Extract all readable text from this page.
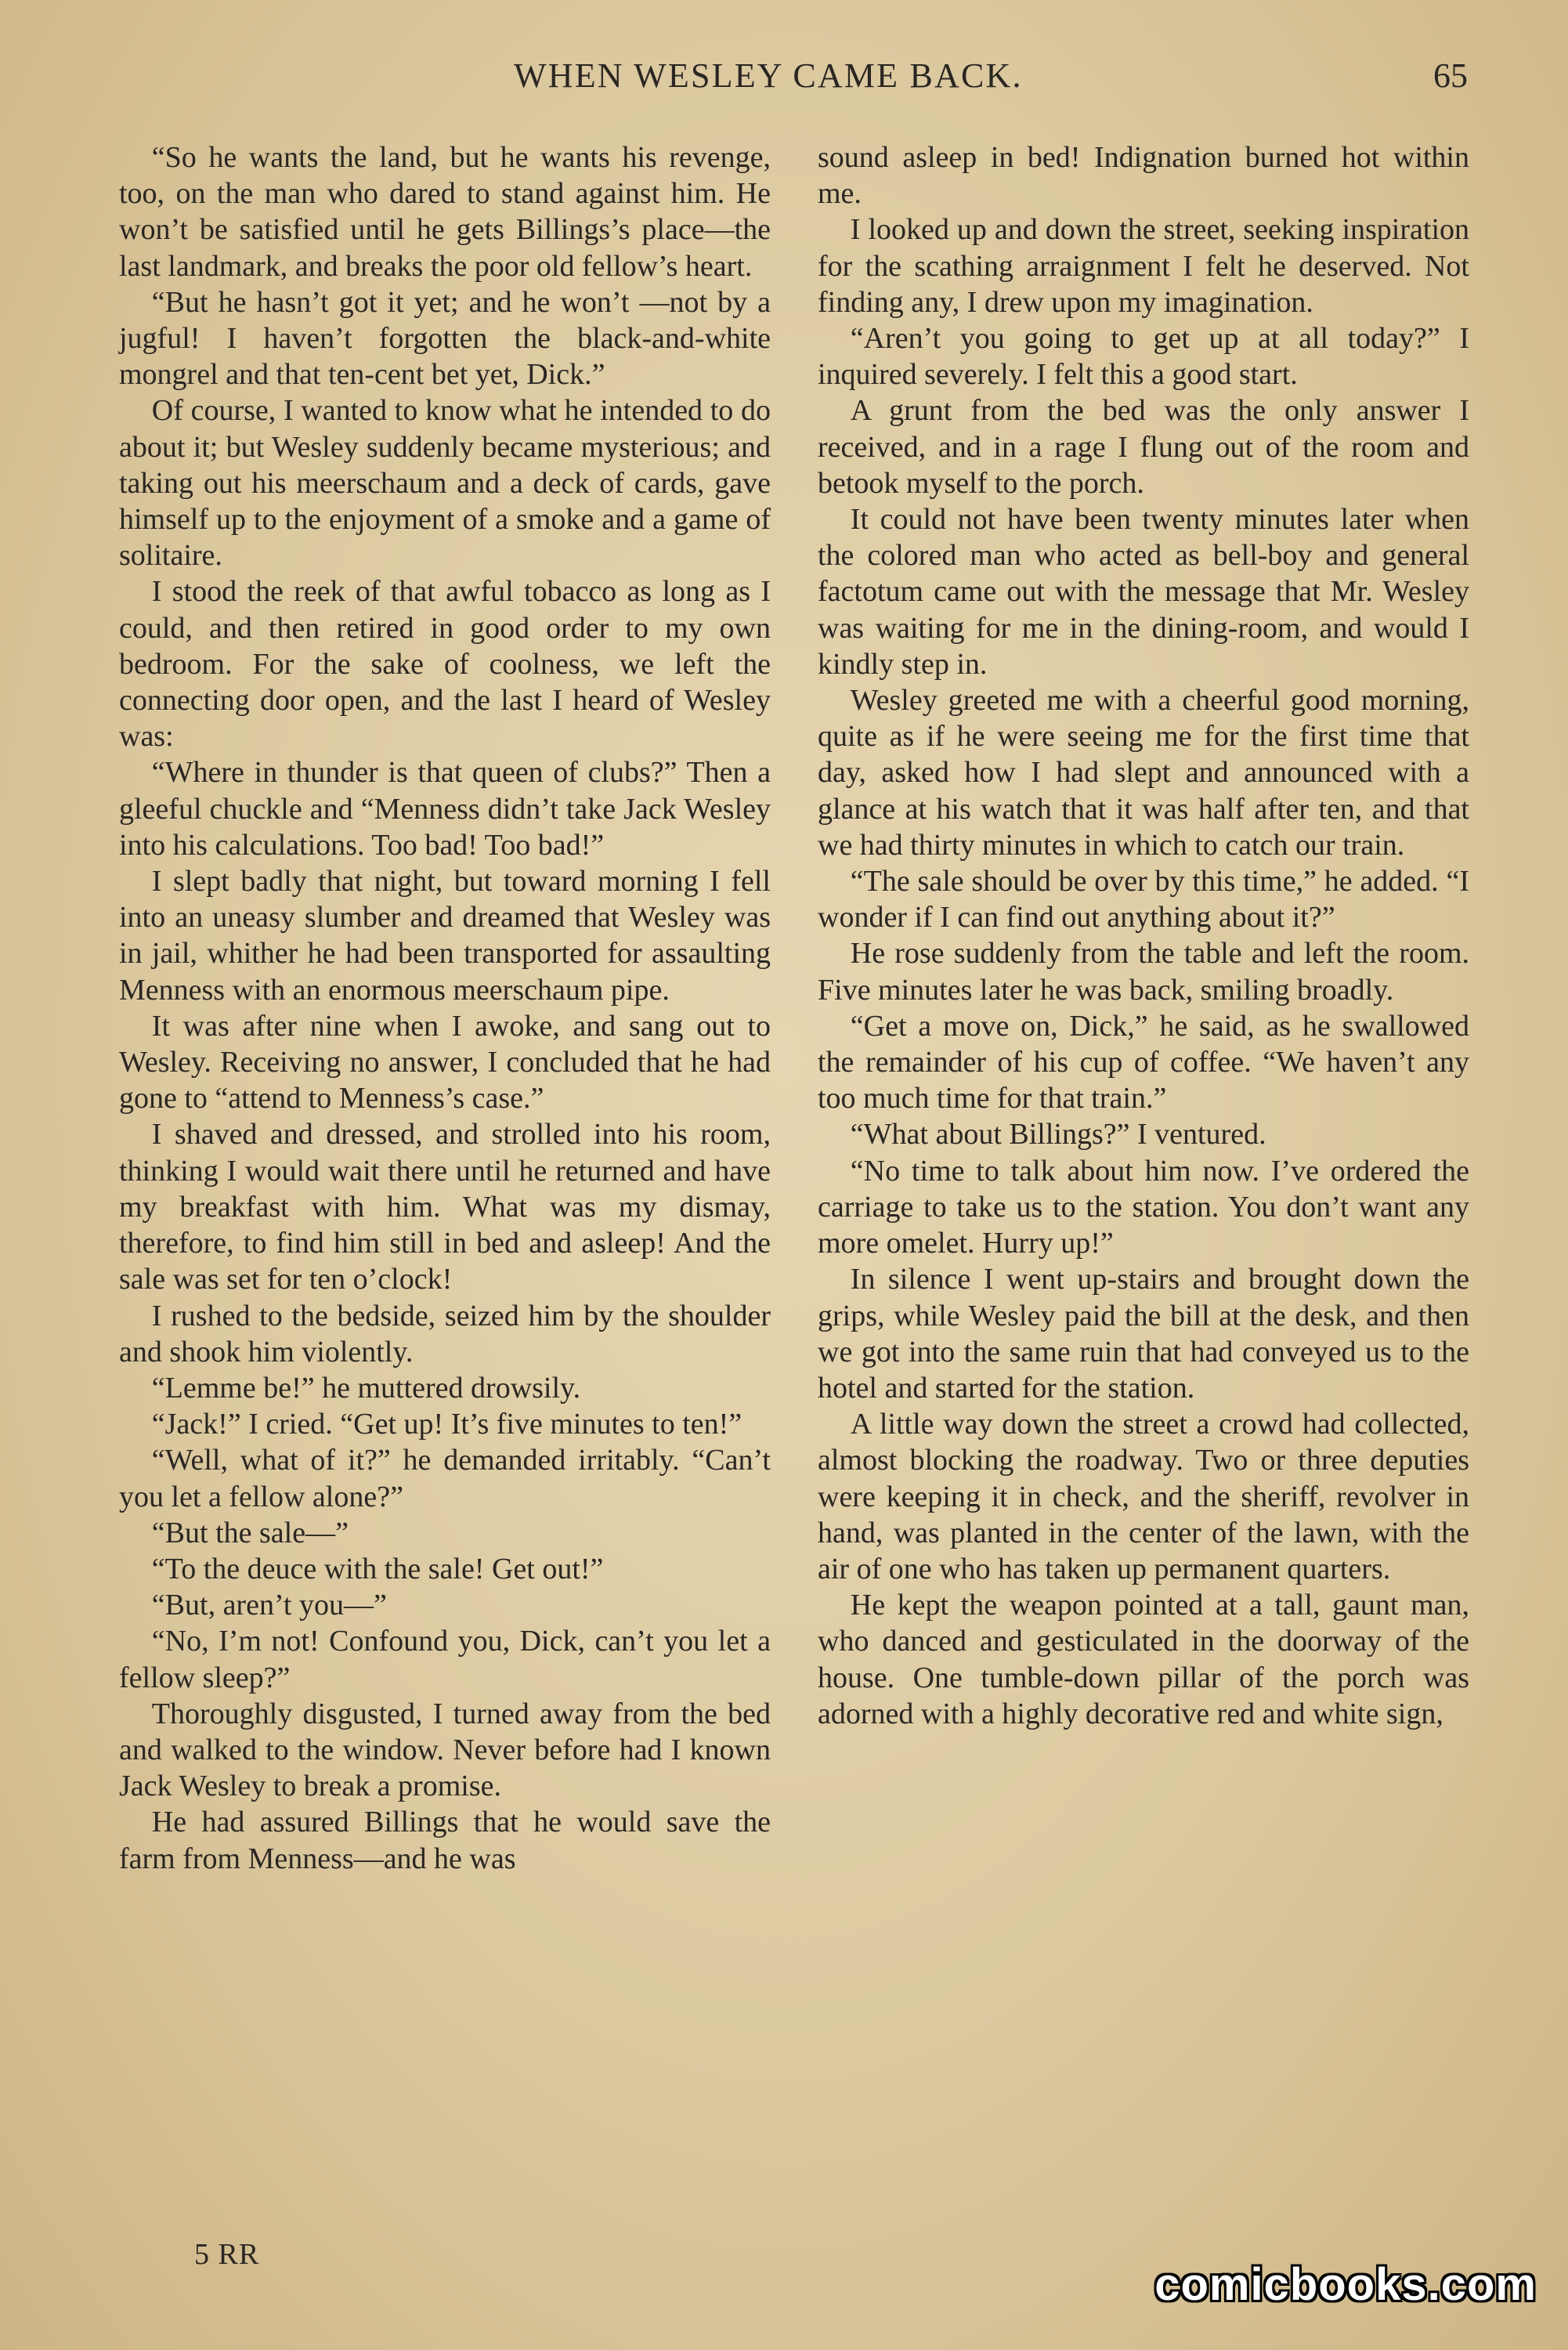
WHEN WESLEY CAME BACK.	65

“So he wants the land, but he wants his revenge, too, on the man who dared to stand against him. He won’t be satisfied until he gets Billings’s place—the last landmark, and breaks the poor old fellow’s heart.

“But he hasn’t got it yet; and he won’t —not by a jugful! I haven’t forgotten the black-and-white mongrel and that ten-cent bet yet, Dick.”

Of course, I wanted to know what he intended to do about it; but Wesley suddenly became mysterious; and taking out his meerschaum and a deck of cards, gave himself up to the enjoyment of a smoke and a game of solitaire.

I stood the reek of that awful tobacco as long as I could, and then retired in good order to my own bedroom. For the sake of coolness, we left the connecting door open, and the last I heard of Wesley was:

“Where in thunder is that queen of clubs?” Then a gleeful chuckle and “Menness didn’t take Jack Wesley into his calculations. Too bad! Too bad!”

I slept badly that night, but toward morning I fell into an uneasy slumber and dreamed that Wesley was in jail, whither he had been transported for assaulting Menness with an enormous meerschaum pipe.

It was after nine when I awoke, and sang out to Wesley. Receiving no answer, I concluded that he had gone to “attend to Menness’s case.”

I shaved and dressed, and strolled into his room, thinking I would wait there until he returned and have my breakfast with him. What was my dismay, therefore, to find him still in bed and asleep! And the sale was set for ten o’clock!

I rushed to the bedside, seized him by the shoulder and shook him violently.

“Lemme be!” he muttered drowsily.

“Jack!” I cried. “Get up! It’s five minutes to ten!”

“Well, what of it?” he demanded irritably. “Can’t you let a fellow alone?”

“But the sale—”

“To the deuce with the sale! Get out!”

“But, aren’t you—”

“No, I’m not! Confound you, Dick, can’t you let a fellow sleep?”

Thoroughly disgusted, I turned away from the bed and walked to the window. Never before had I known Jack Wesley to break a promise.

He had assured Billings that he would save the farm from Menness—and he was

sound asleep in bed! Indignation burned hot within me.

I looked up and down the street, seeking inspiration for the scathing arraignment I felt he deserved. Not finding any, I drew upon my imagination.

“Aren’t you going to get up at all today?” I inquired severely. I felt this a good start.

A grunt from the bed was the only answer I received, and in a rage I flung out of the room and betook myself to the porch.

It could not have been twenty minutes later when the colored man who acted as bell-boy and general factotum came out with the message that Mr. Wesley was waiting for me in the dining-room, and would I kindly step in.

Wesley greeted me with a cheerful good morning, quite as if he were seeing me for the first time that day, asked how I had slept and announced with a glance at his watch that it was half after ten, and that we had thirty minutes in which to catch our train.

“The sale should be over by this time,” he added. “I wonder if I can find out anything about it?”

He rose suddenly from the table and left the room. Five minutes later he was back, smiling broadly.

“Get a move on, Dick,” he said, as he swallowed the remainder of his cup of coffee. “We haven’t any too much time for that train.”

“What about Billings?” I ventured.

“No time to talk about him now. I’ve ordered the carriage to take us to the station. You don’t want any more omelet. Hurry up!”

In silence I went up-stairs and brought down the grips, while Wesley paid the bill at the desk, and then we got into the same ruin that had conveyed us to the hotel and started for the station.

A little way down the street a crowd had collected, almost blocking the roadway. Two or three deputies were keeping it in check, and the sheriff, revolver in hand, was planted in the center of the lawn, with the air of one who has taken up permanent quarters.

He kept the weapon pointed at a tall, gaunt man, who danced and gesticulated in the doorway of the house. One tumble-down pillar of the porch was adorned with a highly decorative red and white sign,

5 RR
comicbooks.com
